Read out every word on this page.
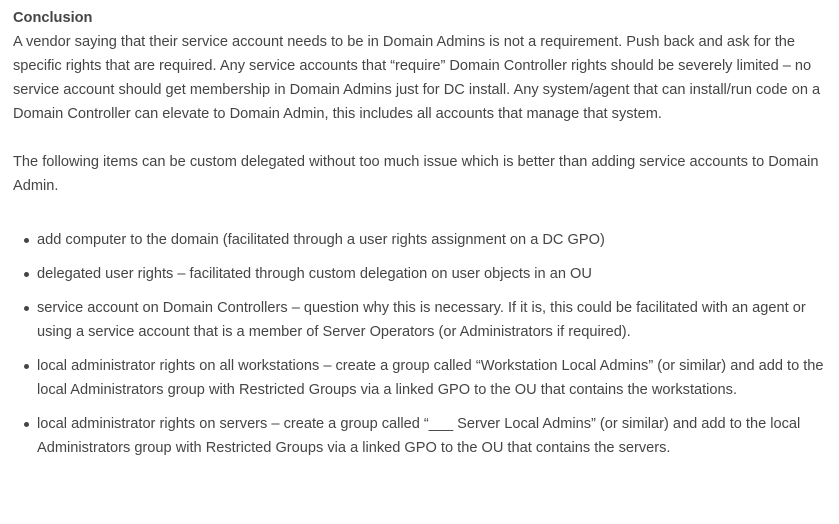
Conclusion

A vendor saying that their service account needs to be in Domain Admins is not a requirement. Push back and ask for the specific rights that are required. Any service accounts that “require” Domain Controller rights should be severely limited – no service account should get membership in Domain Admins just for DC install. Any system/agent that can install/run code on a Domain Controller can elevate to Domain Admin, this includes all accounts that manage that system.

The following items can be custom delegated without too much issue which is better than adding service accounts to Domain Admin.

add computer to the domain (facilitated through a user rights assignment on a DC GPO)
delegated user rights – facilitated through custom delegation on user objects in an OU
service account on Domain Controllers – question why this is necessary. If it is, this could be facilitated with an agent or using a service account that is a member of Server Operators (or Administrators if required).
local administrator rights on all workstations – create a group called “Workstation Local Admins” (or similar) and add to the local Administrators group with Restricted Groups via a linked GPO to the OU that contains the workstations.
local administrator rights on servers – create a group called “___ Server Local Admins” (or similar) and add to the local Administrators group with Restricted Groups via a linked GPO to the OU that contains the servers.
